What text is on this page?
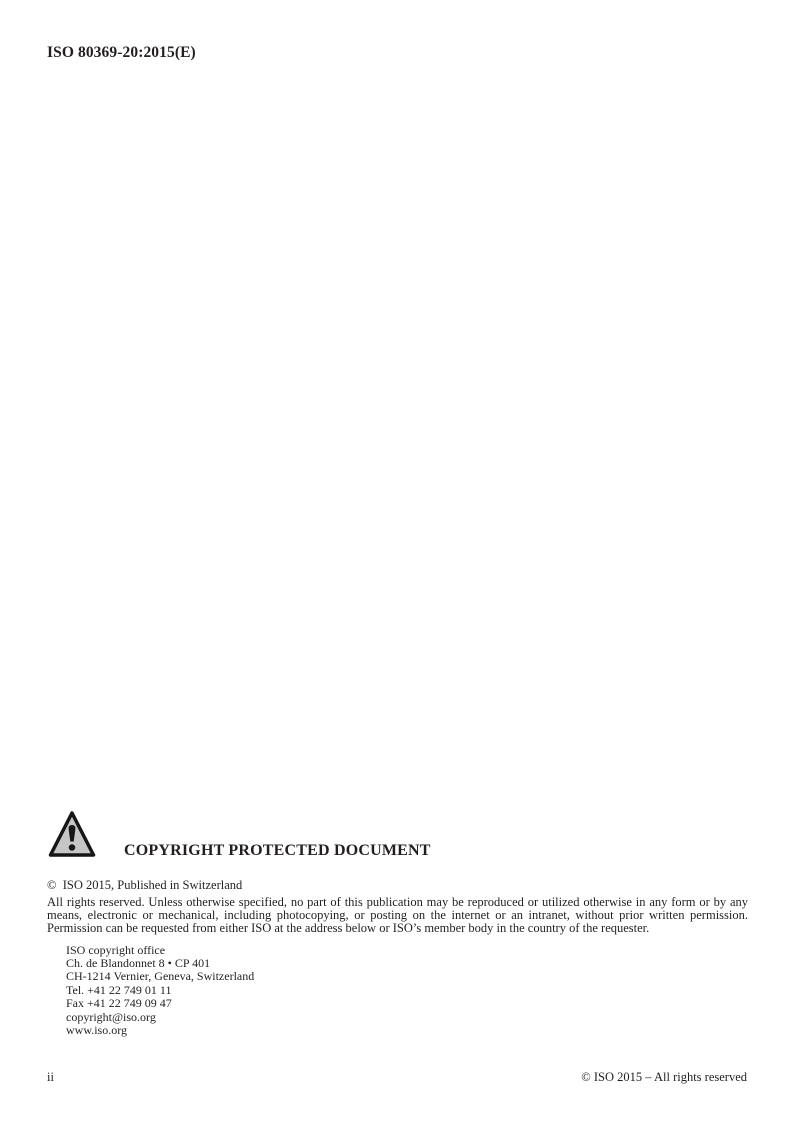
ISO 80369-20:2015(E)
COPYRIGHT PROTECTED DOCUMENT

©  ISO 2015, Published in Switzerland

All rights reserved. Unless otherwise specified, no part of this publication may be reproduced or utilized otherwise in any form or by any means, electronic or mechanical, including photocopying, or posting on the internet or an intranet, without prior written permission. Permission can be requested from either ISO at the address below or ISO’s member body in the country of the requester.

ISO copyright office
Ch. de Blandonnet 8 • CP 401
CH-1214 Vernier, Geneva, Switzerland
Tel. +41 22 749 01 11
Fax +41 22 749 09 47
copyright@iso.org
www.iso.org
ii	© ISO 2015 – All rights reserved
